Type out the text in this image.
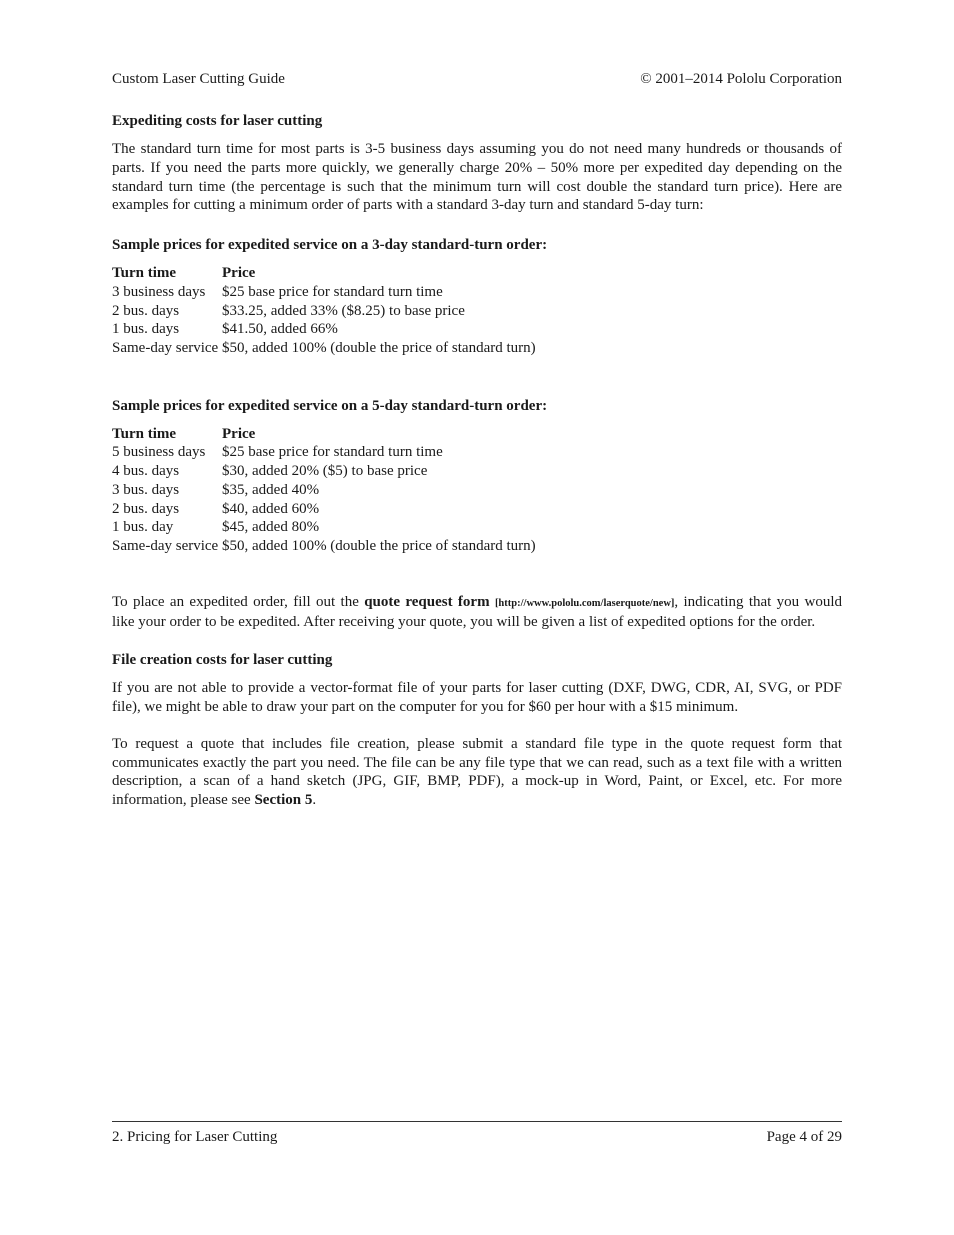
Custom Laser Cutting Guide	© 2001–2014 Pololu Corporation
Expediting costs for laser cutting

The standard turn time for most parts is 3-5 business days assuming you do not need many hundreds or thousands of parts. If you need the parts more quickly, we generally charge 20% – 50% more per expedited day depending on the standard turn time (the percentage is such that the minimum turn will cost double the standard turn price). Here are examples for cutting a minimum order of parts with a standard 3-day turn and standard 5-day turn:

Sample prices for expedited service on a 3-day standard-turn order:
Turn time	Price
3 business days	$25 base price for standard turn time
2 bus. days	$33.25, added 33% ($8.25) to base price
1 bus. days	$41.50, added 66%
Same-day service	$50, added 100% (double the price of standard turn)
Sample prices for expedited service on a 5-day standard-turn order:
Turn time	Price
5 business days	$25 base price for standard turn time
4 bus. days	$30, added 20% ($5) to base price
3 bus. days	$35, added 40%
2 bus. days	$40, added 60%
1 bus. day	$45, added 80%
Same-day service	$50, added 100% (double the price of standard turn)

To place an expedited order, fill out the quote request form [http://www.pololu.com/laserquote/new], indicating that you would like your order to be expedited. After receiving your quote, you will be given a list of expedited options for the order.

File creation costs for laser cutting

If you are not able to provide a vector-format file of your parts for laser cutting (DXF, DWG, CDR, AI, SVG, or PDF file), we might be able to draw your part on the computer for you for $60 per hour with a $15 minimum.

To request a quote that includes file creation, please submit a standard file type in the quote request form that communicates exactly the part you need. The file can be any file type that we can read, such as a text file with a written description, a scan of a hand sketch (JPG, GIF, BMP, PDF), a mock-up in Word, Paint, or Excel, etc. For more information, please see Section 5.

2. Pricing for Laser Cutting	Page 4 of 29
